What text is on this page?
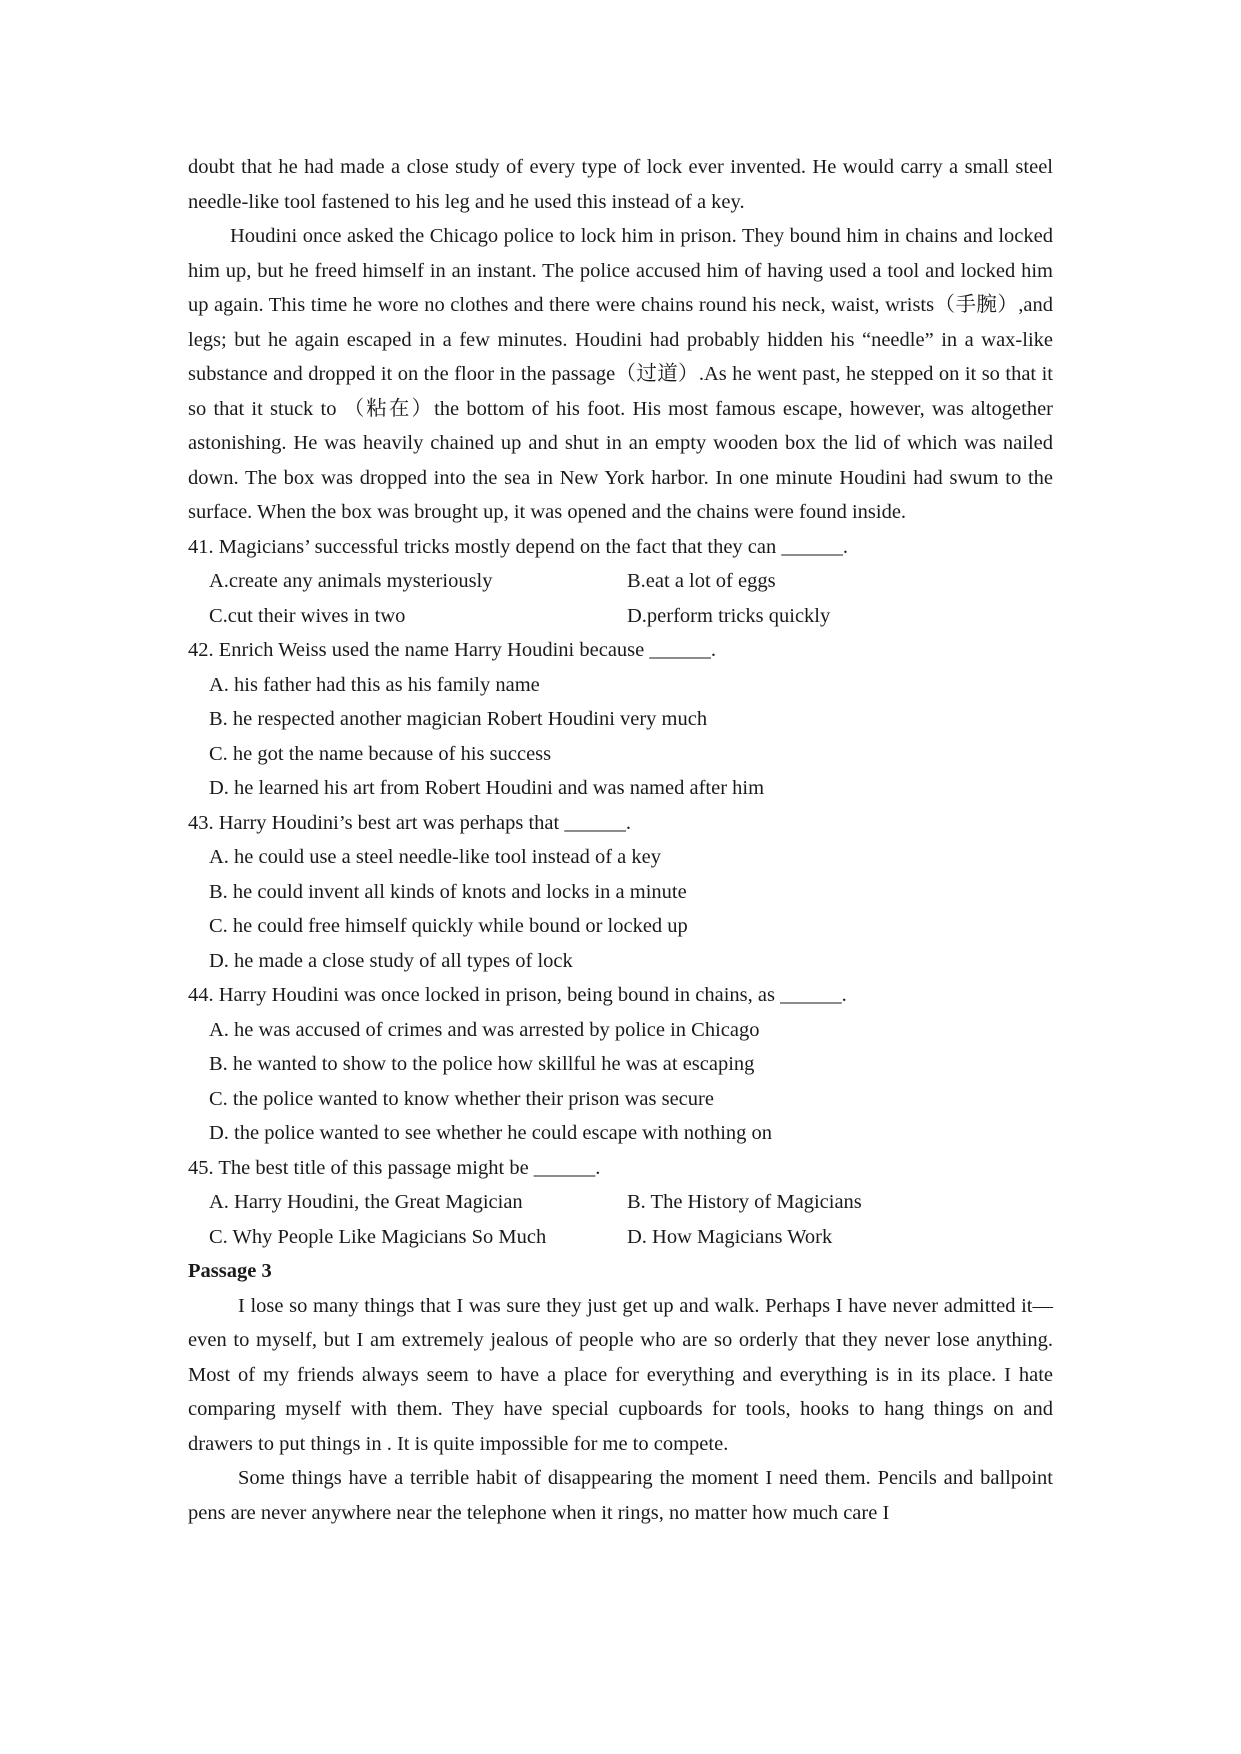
doubt that he had made a close study of every type of lock ever invented. He would carry a small steel needle-like tool fastened to his leg and he used this instead of a key.

Houdini once asked the Chicago police to lock him in prison. They bound him in chains and locked him up, but he freed himself in an instant. The police accused him of having used a tool and locked him up again. This time he wore no clothes and there were chains round his neck, waist, wrists（手腕）,and legs; but he again escaped in a few minutes. Houdini had probably hidden his “needle” in a wax-like substance and dropped it on the floor in the passage（过道）.As he went past, he stepped on it so that it so that it stuck to （粘在）the bottom of his foot. His most famous escape, however, was altogether astonishing. He was heavily chained up and shut in an empty wooden box the lid of which was nailed down. The box was dropped into the sea in New York harbor. In one minute Houdini had swum to the surface. When the box was brought up, it was opened and the chains were found inside.

41. Magicians’ successful tricks mostly depend on the fact that they can ______.

A.create any animals mysteriously	B.eat a lot of eggs
C.cut their wives in two	D.perform tricks quickly

42. Enrich Weiss used the name Harry Houdini because ______.

A. his father had this as his family name

B. he respected another magician Robert Houdini very much

C. he got the name because of his success

D. he learned his art from Robert Houdini and was named after him

43. Harry Houdini’s best art was perhaps that ______.

A. he could use a steel needle-like tool instead of a key

B. he could invent all kinds of knots and locks in a minute

C. he could free himself quickly while bound or locked up

D. he made a close study of all types of lock

44. Harry Houdini was once locked in prison, being bound in chains, as ______.

A. he was accused of crimes and was arrested by police in Chicago

B. he wanted to show to the police how skillful he was at escaping

C. the police wanted to know whether their prison was secure

D. the police wanted to see whether he could escape with nothing on

45. The best title of this passage might be ______.

A. Harry Houdini, the Great Magician	B. The History of Magicians
C. Why People Like Magicians So Much	D. How Magicians Work

Passage 3

I lose so many things that I was sure they just get up and walk. Perhaps I have never admitted it—even to myself, but I am extremely jealous of people who are so orderly that they never lose anything. Most of my friends always seem to have a place for everything and everything is in its place. I hate comparing myself with them. They have special cupboards for tools, hooks to hang things on and drawers to put things in . It is quite impossible for me to compete.

Some things have a terrible habit of disappearing the moment I need them. Pencils and ballpoint pens are never anywhere near the telephone when it rings, no matter how much care I
